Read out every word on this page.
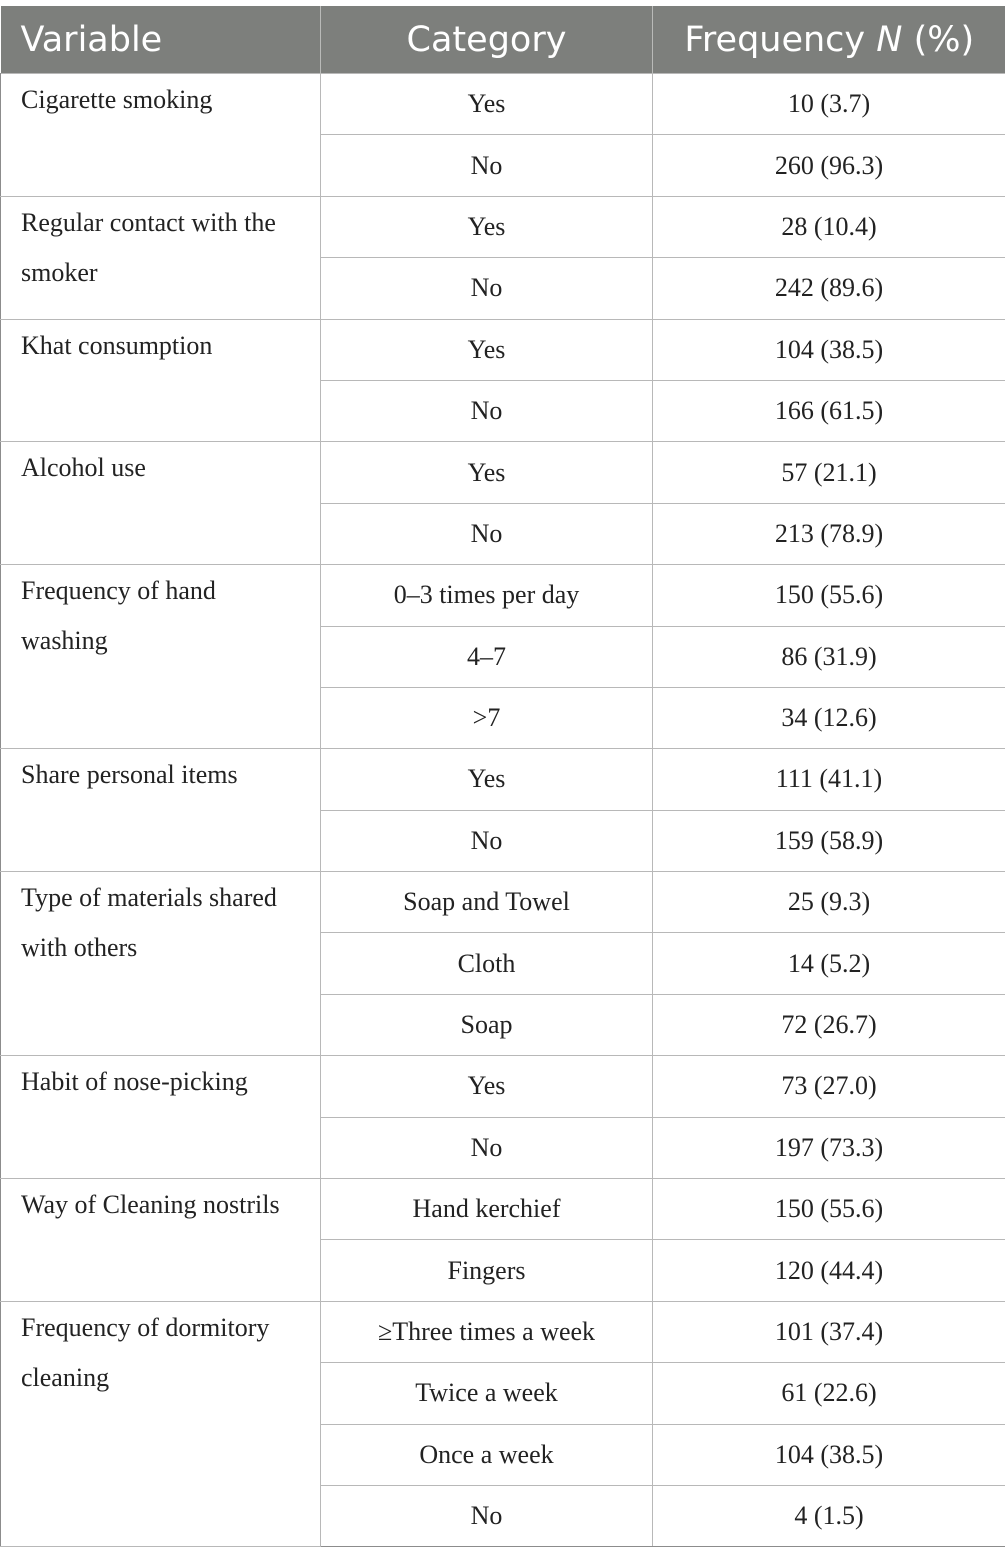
Variable	Category	Frequency N (%)

Cigarette smoking	Yes	10 (3.7)
	No	260 (96.3)

Regular contact with the smoker	Yes	28 (10.4)
	No	242 (89.6)

Khat consumption	Yes	104 (38.5)
	No	166 (61.5)

Alcohol use	Yes	57 (21.1)
	No	213 (78.9)

Frequency of hand washing	0–3 times per day	150 (55.6)
	4–7	86 (31.9)
	>7	34 (12.6)

Share personal items	Yes	111 (41.1)
	No	159 (58.9)

Type of materials shared with others	Soap and Towel	25 (9.3)
	Cloth	14 (5.2)
	Soap	72 (26.7)

Habit of nose-picking	Yes	73 (27.0)
	No	197 (73.3)

Way of Cleaning nostrils	Hand kerchief	150 (55.6)
	Fingers	120 (44.4)

Frequency of dormitory cleaning	≥Three times a week	101 (37.4)
	Twice a week	61 (22.6)
	Once a week	104 (38.5)
	No	4 (1.5)
